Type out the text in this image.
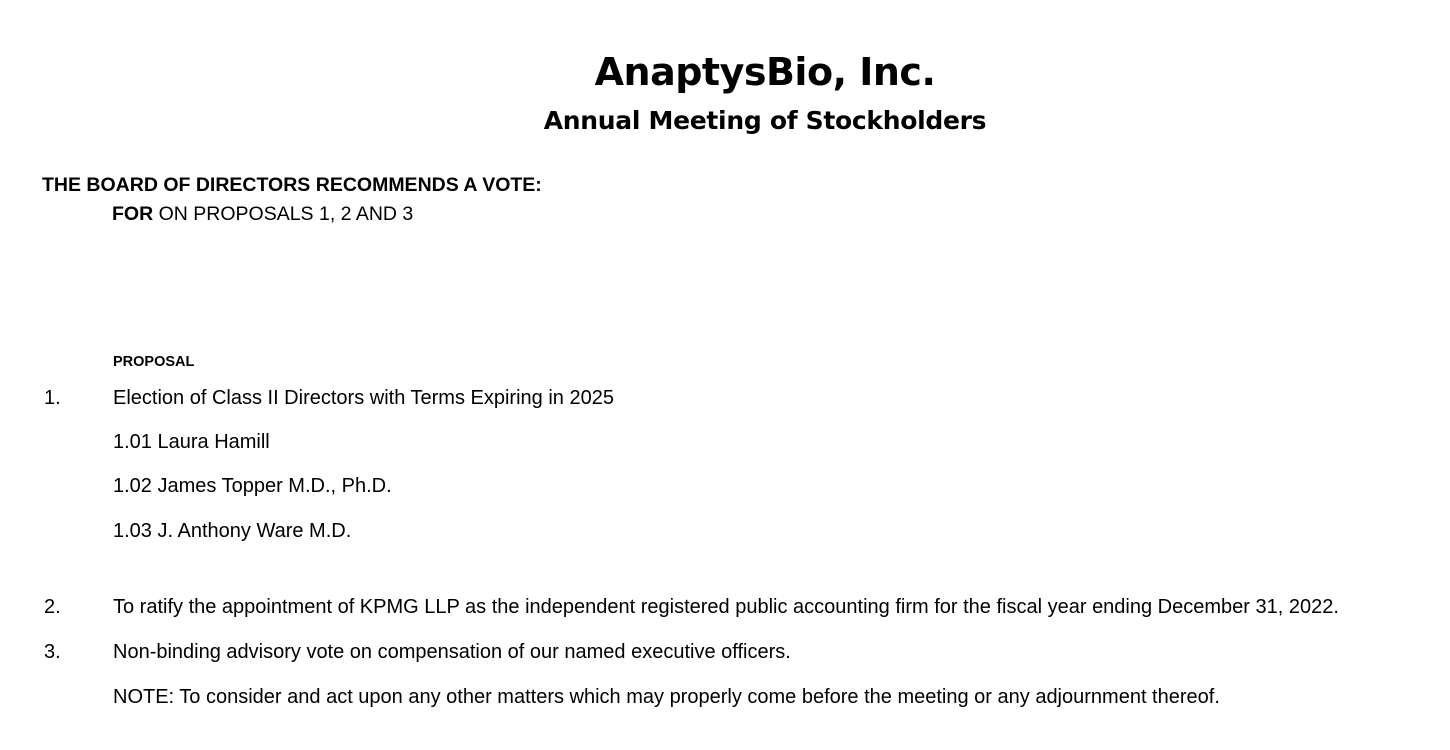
AnaptysBio, Inc.
Annual Meeting of Stockholders
THE BOARD OF DIRECTORS RECOMMENDS A VOTE:
FOR ON PROPOSALS 1, 2 AND 3
PROPOSAL
1.	Election of Class II Directors with Terms Expiring in 2025
1.01 Laura Hamill
1.02 James Topper M.D., Ph.D.
1.03 J. Anthony Ware M.D.
2.	To ratify the appointment of KPMG LLP as the independent registered public accounting firm for the fiscal year ending December 31, 2022.
3.	Non-binding advisory vote on compensation of our named executive officers.
NOTE: To consider and act upon any other matters which may properly come before the meeting or any adjournment thereof.
